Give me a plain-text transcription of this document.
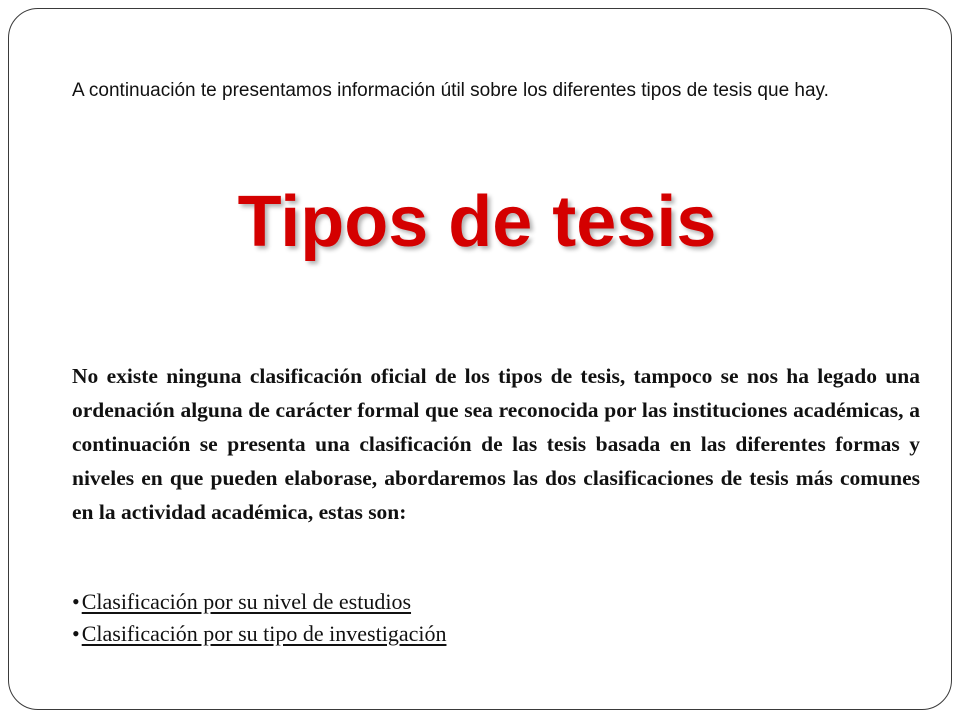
A continuación te presentamos información útil sobre los diferentes tipos de tesis que hay.

Tipos de tesis

No existe ninguna clasificación oficial de los tipos de tesis, tampoco se nos ha legado una ordenación alguna de carácter formal que sea reconocida por las instituciones académicas, a continuación se presenta una clasificación de las tesis basada en las diferentes formas y niveles en que pueden elaborase, abordaremos las dos clasificaciones de tesis más comunes en la actividad académica, estas son:

•Clasificación por su nivel de estudios
•Clasificación por su tipo de investigación
